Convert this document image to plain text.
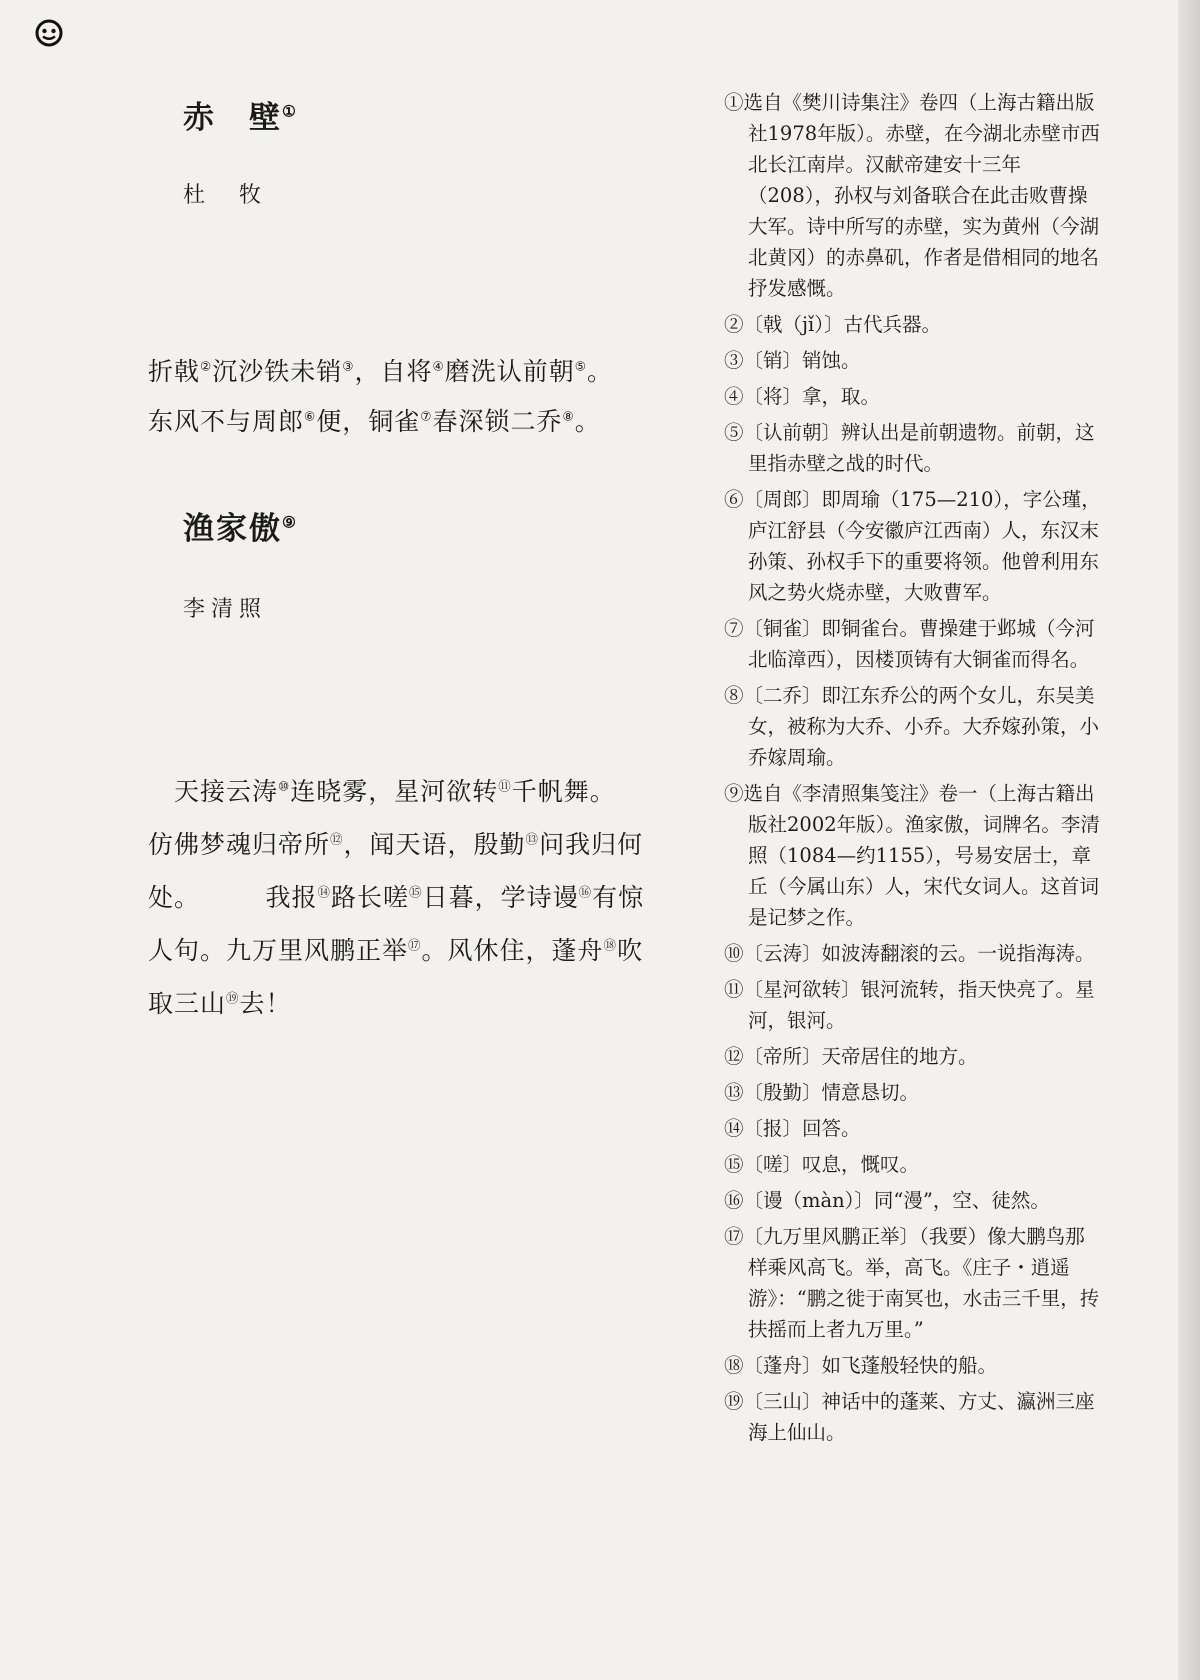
赤　壁①
杜　牧
折戟②沉沙铁未销③，自将④磨洗认前朝⑤。
东风不与周郎⑥便，铜雀⑦春深锁二乔⑧。
渔家傲⑨
李清照
　天接云涛⑩连晓雾，星河欲转⑪千帆舞。
仿佛梦魂归帝所⑫，闻天语，殷勤⑬问我归何
处。　　　我报⑭路长嗟⑮日暮，学诗谩⑯有惊
人句。九万里风鹏正举⑰。风休住，蓬舟⑱吹
取三山⑲去！

①选自《樊川诗集注》卷四（上海古籍出版社1978年版）。赤壁，在今湖北赤壁市西北长江南岸。汉献帝建安十三年（208），孙权与刘备联合在此击败曹操大军。诗中所写的赤壁，实为黄州（今湖北黄冈）的赤鼻矶，作者是借相同的地名抒发感慨。

②〔戟（jǐ）〕古代兵器。

③〔销〕销蚀。

④〔将〕拿，取。

⑤〔认前朝〕辨认出是前朝遗物。前朝，这里指赤壁之战的时代。

⑥〔周郎〕即周瑜（175—210），字公瑾，庐江舒县（今安徽庐江西南）人，东汉末孙策、孙权手下的重要将领。他曾利用东风之势火烧赤壁，大败曹军。

⑦〔铜雀〕即铜雀台。曹操建于邺城（今河北临漳西），因楼顶铸有大铜雀而得名。

⑧〔二乔〕即江东乔公的两个女儿，东吴美女，被称为大乔、小乔。大乔嫁孙策，小乔嫁周瑜。

⑨选自《李清照集笺注》卷一（上海古籍出版社2002年版）。渔家傲，词牌名。李清照（1084—约1155），号易安居士，章丘（今属山东）人，宋代女词人。这首词是记梦之作。

⑩〔云涛〕如波涛翻滚的云。一说指海涛。

⑪〔星河欲转〕银河流转，指天快亮了。星河，银河。

⑫〔帝所〕天帝居住的地方。

⑬〔殷勤〕情意恳切。

⑭〔报〕回答。

⑮〔嗟〕叹息，慨叹。

⑯〔谩（màn）〕同“漫”，空、徒然。

⑰〔九万里风鹏正举〕（我要）像大鹏鸟那样乘风高飞。举，高飞。《庄子・逍遥游》：“鹏之徙于南冥也，水击三千里，抟扶摇而上者九万里。”

⑱〔蓬舟〕如飞蓬般轻快的船。

⑲〔三山〕神话中的蓬莱、方丈、瀛洲三座海上仙山。
